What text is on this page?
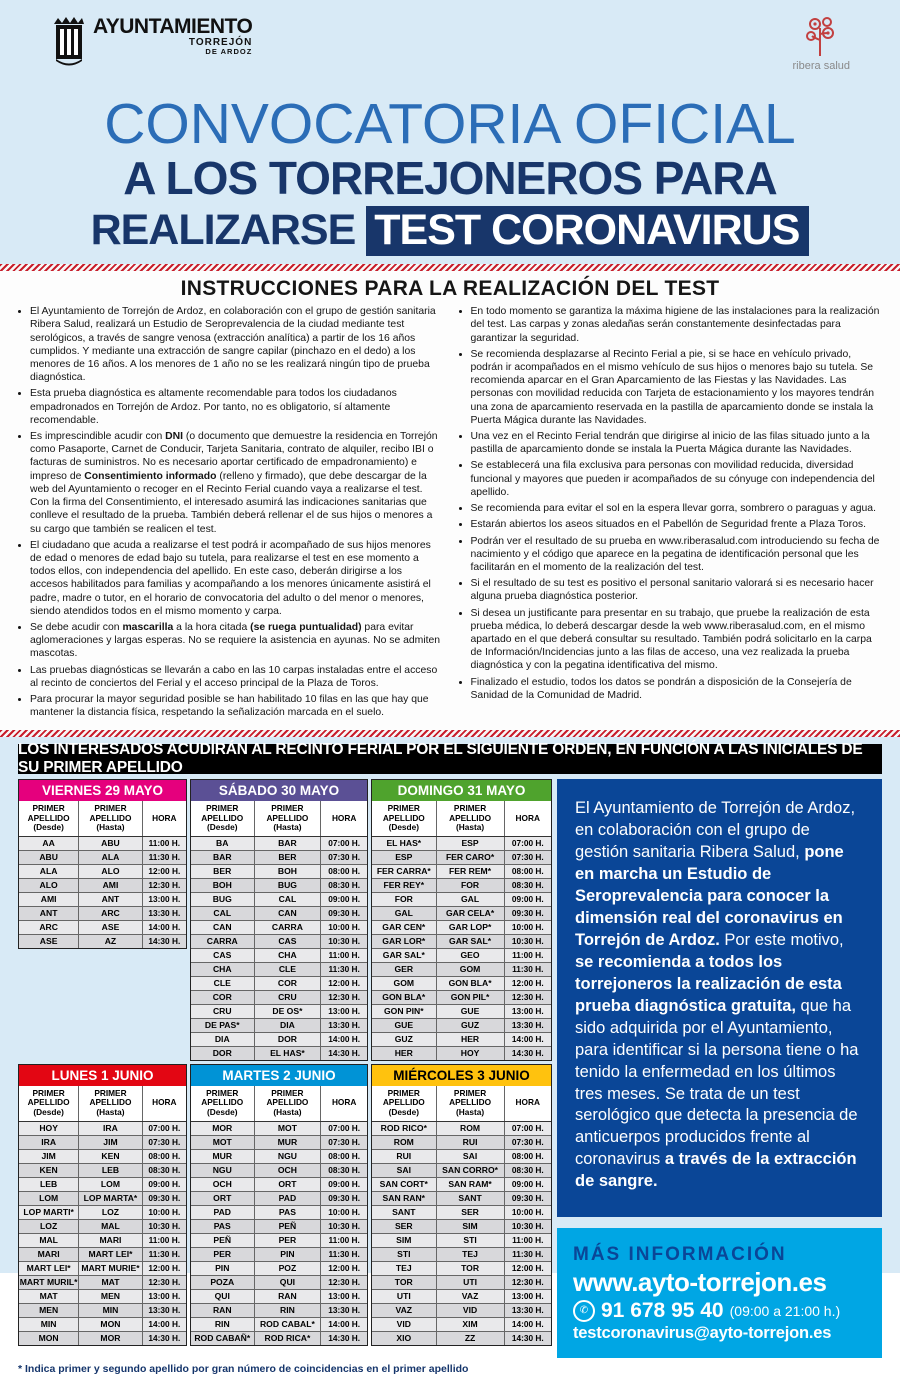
AYUNTAMIENTO
TORREJÓN
DE ARDOZ
ribera salud
CONVOCATORIA OFICIAL
A LOS TORREJONEROS PARA
REALIZARSE TEST CORONAVIRUS
INSTRUCCIONES PARA LA REALIZACIÓN DEL TEST
• El Ayuntamiento de Torrejón de Ardoz, en colaboración con el grupo de gestión sanitaria Ribera Salud, realizará un Estudio de Seroprevalencia de la ciudad mediante test serológicos, a través de sangre venosa (extracción analítica) a partir de los 16 años cumplidos. Y mediante una extracción de sangre capilar (pinchazo en el dedo) a los menores de 16 años. A los menores de 1 año no se les realizará ningún tipo de prueba diagnóstica.
• Esta prueba diagnóstica es altamente recomendable para todos los ciudadanos empadronados en Torrejón de Ardoz. Por tanto, no es obligatorio, sí altamente recomendable.
• Es imprescindible acudir con DNI (o documento que demuestre la residencia en Torrejón como Pasaporte, Carnet de Conducir, Tarjeta Sanitaria, contrato de alquiler, recibo IBI o facturas de suministros. No es necesario aportar certificado de empadronamiento) e impreso de Consentimiento informado (relleno y firmado), que debe descargar de la web del Ayuntamiento o recoger en el Recinto Ferial cuando vaya a realizarse el test. Con la firma del Consentimiento, el interesado asumirá las indicaciones sanitarias que conlleve el resultado de la prueba. También deberá rellenar el de sus hijos o menores a su cargo que también se realicen el test.
• El ciudadano que acuda a realizarse el test podrá ir acompañado de sus hijos menores de edad o menores de edad bajo su tutela, para realizarse el test en ese momento a todos ellos, con independencia del apellido. En este caso, deberán dirigirse a los accesos habilitados para familias y acompañando a los menores únicamente asistirá el padre, madre o tutor, en el horario de convocatoria del adulto o del menor o menores, siendo atendidos todos en el mismo momento y carpa.
• Se debe acudir con mascarilla a la hora citada (se ruega puntualidad) para evitar aglomeraciones y largas esperas. No se requiere la asistencia en ayunas. No se admiten mascotas.
• Las pruebas diagnósticas se llevarán a cabo en las 10 carpas instaladas entre el acceso al recinto de conciertos del Ferial y el acceso principal de la Plaza de Toros.
• Para procurar la mayor seguridad posible se han habilitado 10 filas en las que hay que mantener la distancia física, respetando la señalización marcada en el suelo.
• En todo momento se garantiza la máxima higiene de las instalaciones para la realización del test. Las carpas y zonas aledañas serán constantemente desinfectadas para garantizar la seguridad.
• Se recomienda desplazarse al Recinto Ferial a pie, si se hace en vehículo privado, podrán ir acompañados en el mismo vehículo de sus hijos o menores bajo su tutela. Se recomienda aparcar en el Gran Aparcamiento de las Fiestas y las Navidades. Las personas con movilidad reducida con Tarjeta de estacionamiento y los mayores tendrán una zona de aparcamiento reservada en la pastilla de aparcamiento donde se instala la Puerta Mágica durante las Navidades.
• Una vez en el Recinto Ferial tendrán que dirigirse al inicio de las filas situado junto a la pastilla de aparcamiento donde se instala la Puerta Mágica durante las Navidades.
• Se establecerá una fila exclusiva para personas con movilidad reducida, diversidad funcional y mayores que pueden ir acompañados de su cónyuge con independencia del apellido.
• Se recomienda para evitar el sol en la espera llevar gorra, sombrero o paraguas y agua.
• Estarán abiertos los aseos situados en el Pabellón de Seguridad frente a Plaza Toros.
• Podrán ver el resultado de su prueba en www.riberasalud.com introduciendo su fecha de nacimiento y el código que aparece en la pegatina de identificación personal que les facilitarán en el momento de la realización del test.
• Si el resultado de su test es positivo el personal sanitario valorará si es necesario hacer alguna prueba diagnóstica posterior.
• Si desea un justificante para presentar en su trabajo, que pruebe la realización de esta prueba médica, lo deberá descargar desde la web www.riberasalud.com, en el mismo apartado en el que deberá consultar su resultado. También podrá solicitarlo en la carpa de Información/Incidencias junto a las filas de acceso, una vez realizada la prueba diagnóstica y con la pegatina identificativa del mismo.
• Finalizado el estudio, todos los datos se pondrán a disposición de la Consejería de Sanidad de la Comunidad de Madrid.
LOS INTERESADOS ACUDIRÁN AL RECINTO FERIAL POR EL SIGUIENTE ORDEN, EN FUNCIÓN A LAS INICIALES DE SU PRIMER APELLIDO
VIERNES 29 MAYO
PRIMER APELLIDO (Desde)	PRIMER APELLIDO (Hasta)	HORA
AA	ABU	11:00 H.
ABU	ALA	11:30 H.
ALA	ALO	12:00 H.
ALO	AMI	12:30 H.
AMI	ANT	13:00 H.
ANT	ARC	13:30 H.
ARC	ASE	14:00 H.
ASE	AZ	14:30 H.
SÁBADO 30 MAYO
PRIMER APELLIDO (Desde)	PRIMER APELLIDO (Hasta)	HORA
BA	BAR	07:00 H.
BAR	BER	07:30 H.
BER	BOH	08:00 H.
BOH	BUG	08:30 H.
BUG	CAL	09:00 H.
CAL	CAN	09:30 H.
CAN	CARRA	10:00 H.
CARRA	CAS	10:30 H.
CAS	CHA	11:00 H.
CHA	CLE	11:30 H.
CLE	COR	12:00 H.
COR	CRU	12:30 H.
CRU	DE OS*	13:00 H.
DE PAS*	DIA	13:30 H.
DIA	DOR	14:00 H.
DOR	EL HAS*	14:30 H.
DOMINGO 31 MAYO
PRIMER APELLIDO (Desde)	PRIMER APELLIDO (Hasta)	HORA
EL HAS*	ESP	07:00 H.
ESP	FER CARO*	07:30 H.
FER CARRA*	FER REM*	08:00 H.
FER REY*	FOR	08:30 H.
FOR	GAL	09:00 H.
GAL	GAR CELA*	09:30 H.
GAR CEN*	GAR LOP*	10:00 H.
GAR LOR*	GAR SAL*	10:30 H.
GAR SAL*	GEO	11:00 H.
GER	GOM	11:30 H.
GOM	GON BLA*	12:00 H.
GON BLA*	GON PIL*	12:30 H.
GON PIN*	GUE	13:00 H.
GUE	GUZ	13:30 H.
GUZ	HER	14:00 H.
HER	HOY	14:30 H.
LUNES 1 JUNIO
PRIMER APELLIDO (Desde)	PRIMER APELLIDO (Hasta)	HORA
HOY	IRA	07:00 H.
IRA	JIM	07:30 H.
JIM	KEN	08:00 H.
KEN	LEB	08:30 H.
LEB	LOM	09:00 H.
LOM	LOP MARTA*	09:30 H.
LOP MARTI*	LOZ	10:00 H.
LOZ	MAL	10:30 H.
MAL	MARI	11:00 H.
MARI	MART LEI*	11:30 H.
MART LEI*	MART MURIE*	12:00 H.
MART MURIL*	MAT	12:30 H.
MAT	MEN	13:00 H.
MEN	MIN	13:30 H.
MIN	MON	14:00 H.
MON	MOR	14:30 H.
MARTES 2 JUNIO
PRIMER APELLIDO (Desde)	PRIMER APELLIDO (Hasta)	HORA
MOR	MOT	07:00 H.
MOT	MUR	07:30 H.
MUR	NGU	08:00 H.
NGU	OCH	08:30 H.
OCH	ORT	09:00 H.
ORT	PAD	09:30 H.
PAD	PAS	10:00 H.
PAS	PEÑ	10:30 H.
PEÑ	PER	11:00 H.
PER	PIN	11:30 H.
PIN	POZ	12:00 H.
POZA	QUI	12:30 H.
QUI	RAN	13:00 H.
RAN	RIN	13:30 H.
RIN	ROD CABAL*	14:00 H.
ROD CABAÑ*	ROD RICA*	14:30 H.
MIÉRCOLES 3 JUNIO
PRIMER APELLIDO (Desde)	PRIMER APELLIDO (Hasta)	HORA
ROD RICO*	ROM	07:00 H.
ROM	RUI	07:30 H.
RUI	SAI	08:00 H.
SAI	SAN CORRO*	08:30 H.
SAN CORT*	SAN RAM*	09:00 H.
SAN RAN*	SANT	09:30 H.
SANT	SER	10:00 H.
SER	SIM	10:30 H.
SIM	STI	11:00 H.
STI	TEJ	11:30 H.
TEJ	TOR	12:00 H.
TOR	UTI	12:30 H.
UTI	VAZ	13:00 H.
VAZ	VID	13:30 H.
VID	XIM	14:00 H.
XIO	ZZ	14:30 H.
El Ayuntamiento de Torrejón de Ardoz, en colaboración con el grupo de gestión sanitaria Ribera Salud, pone en marcha un Estudio de Seroprevalencia para conocer la dimensión real del coronavirus en Torrejón de Ardoz. Por este motivo, se recomienda a todos los torrejoneros la realización de esta prueba diagnóstica gratuita, que ha sido adquirida por el Ayuntamiento, para identificar si la persona tiene o ha tenido la enfermedad en los últimos tres meses. Se trata de un test serológico que detecta la presencia de anticuerpos producidos frente al coronavirus a través de la extracción de sangre.
MÁS INFORMACIÓN
www.ayto-torrejon.es
✆ 91 678 95 40 (09:00 a 21:00 h.)
testcoronavirus@ayto-torrejon.es
* Indica primer y segundo apellido por gran número de coincidencias en el primer apellido
